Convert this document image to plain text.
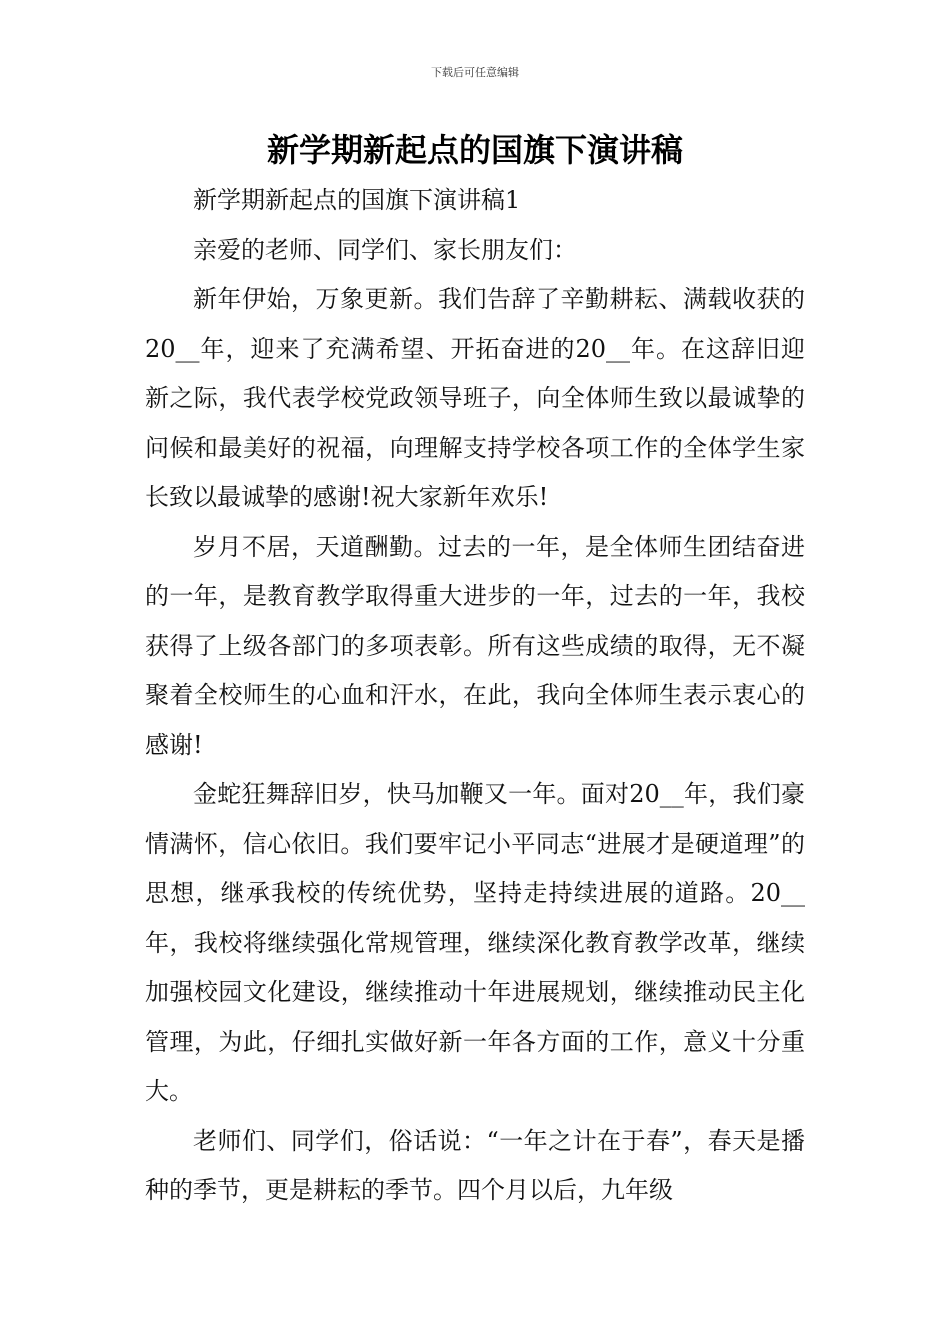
下载后可任意编辑
新学期新起点的国旗下演讲稿

新学期新起点的国旗下演讲稿1

亲爱的老师、同学们、家长朋友们：

新年伊始，万象更新。我们告辞了辛勤耕耘、满载收获的20__年，迎来了充满希望、开拓奋进的20__年。在这辞旧迎新之际，我代表学校党政领导班子，向全体师生致以最诚挚的问候和最美好的祝福，向理解支持学校各项工作的全体学生家长致以最诚挚的感谢!祝大家新年欢乐!

岁月不居，天道酬勤。过去的一年，是全体师生团结奋进的一年，是教育教学取得重大进步的一年，过去的一年，我校获得了上级各部门的多项表彰。所有这些成绩的取得，无不凝聚着全校师生的心血和汗水，在此，我向全体师生表示衷心的感谢!

金蛇狂舞辞旧岁，快马加鞭又一年。面对20__年，我们豪情满怀，信心依旧。我们要牢记小平同志“进展才是硬道理”的思想，继承我校的传统优势，坚持走持续进展的道路。20__年，我校将继续强化常规管理，继续深化教育教学改革，继续加强校园文化建设，继续推动十年进展规划，继续推动民主化管理，为此，仔细扎实做好新一年各方面的工作，意义十分重大。

老师们、同学们，俗话说：“一年之计在于春”，春天是播种的季节，更是耕耘的季节。四个月以后，九年级
